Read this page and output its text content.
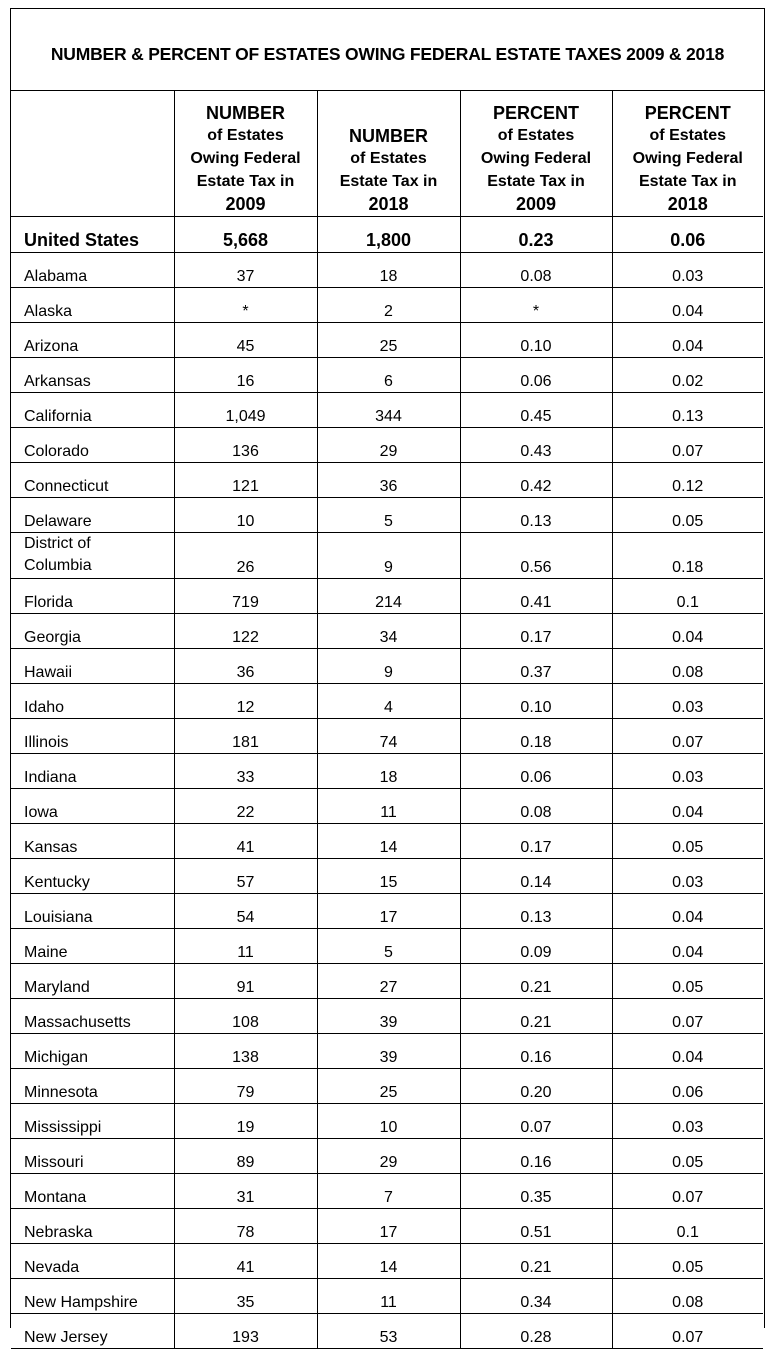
NUMBER & PERCENT OF ESTATES OWING FEDERAL ESTATE TAXES 2009 & 2018

	NUMBER
of Estates
Owing Federal
Estate Tax in
2009	NUMBER
of Estates
Estate Tax in
2018	PERCENT
of Estates
Owing Federal
Estate Tax in
2009	PERCENT
of Estates
Owing Federal
Estate Tax in
2018

United States	5,668	1,800	0.23	0.06
Alabama	37	18	0.08	0.03
Alaska	*	2	*	0.04
Arizona	45	25	0.10	0.04
Arkansas	16	6	0.06	0.02
California	1,049	344	0.45	0.13
Colorado	136	29	0.43	0.07
Connecticut	121	36	0.42	0.12
Delaware	10	5	0.13	0.05
District of Columbia	26	9	0.56	0.18
Florida	719	214	0.41	0.1
Georgia	122	34	0.17	0.04
Hawaii	36	9	0.37	0.08
Idaho	12	4	0.10	0.03
Illinois	181	74	0.18	0.07
Indiana	33	18	0.06	0.03
Iowa	22	11	0.08	0.04
Kansas	41	14	0.17	0.05
Kentucky	57	15	0.14	0.03
Louisiana	54	17	0.13	0.04
Maine	11	5	0.09	0.04
Maryland	91	27	0.21	0.05
Massachusetts	108	39	0.21	0.07
Michigan	138	39	0.16	0.04
Minnesota	79	25	0.20	0.06
Mississippi	19	10	0.07	0.03
Missouri	89	29	0.16	0.05
Montana	31	7	0.35	0.07
Nebraska	78	17	0.51	0.1
Nevada	41	14	0.21	0.05
New Hampshire	35	11	0.34	0.08
New Jersey	193	53	0.28	0.07
